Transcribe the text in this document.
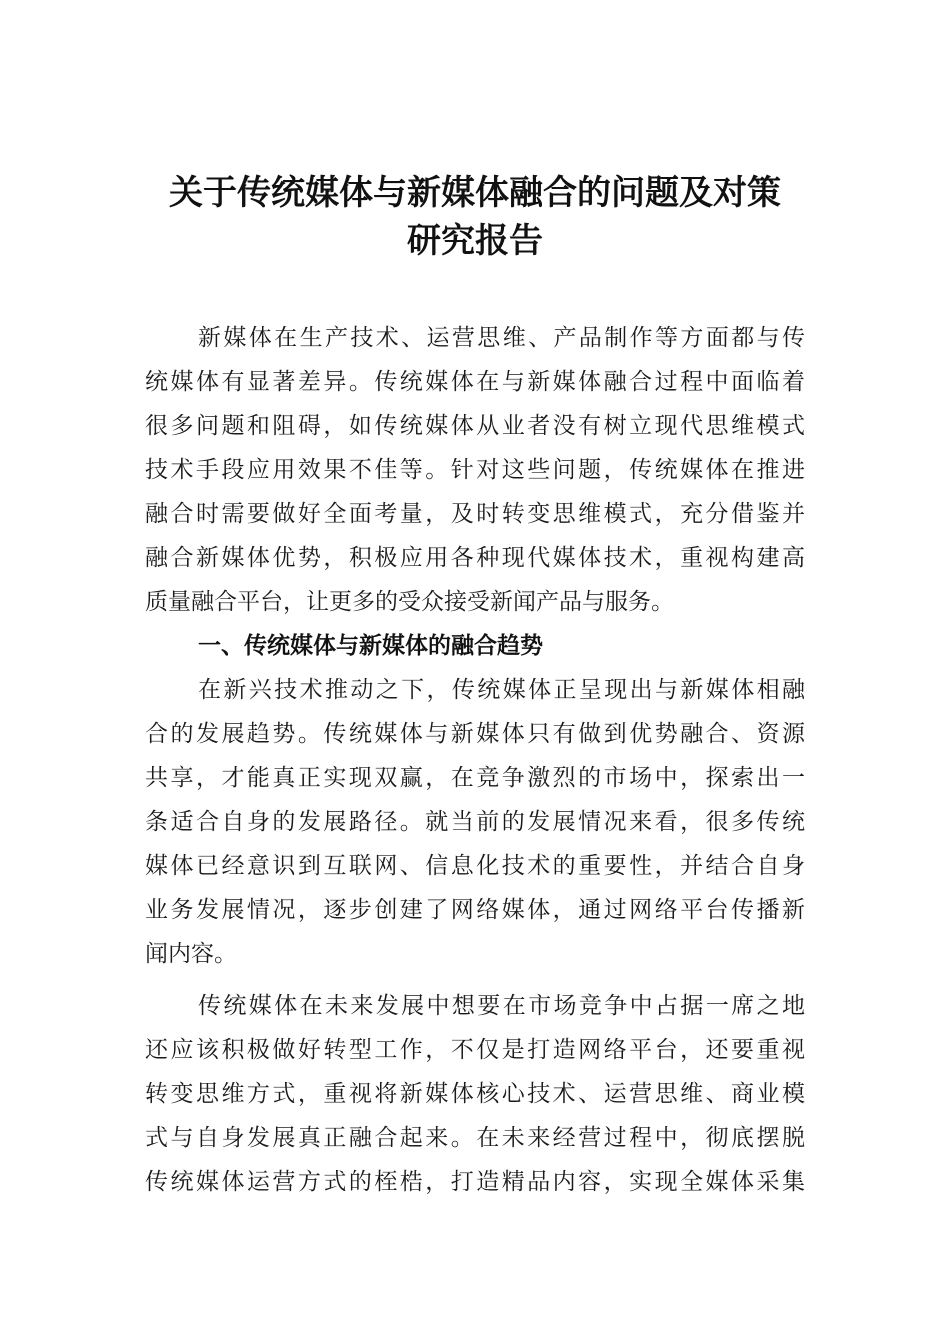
关于传统媒体与新媒体融合的问题及对策
研究报告

新媒体在生产技术、运营思维、产品制作等方面都与传

统媒体有显著差异。传统媒体在与新媒体融合过程中面临着

很多问题和阻碍，如传统媒体从业者没有树立现代思维模式

技术手段应用效果不佳等。针对这些问题，传统媒体在推进

融合时需要做好全面考量，及时转变思维模式，充分借鉴并

融合新媒体优势，积极应用各种现代媒体技术，重视构建高

质量融合平台，让更多的受众接受新闻产品与服务。

一、传统媒体与新媒体的融合趋势

在新兴技术推动之下，传统媒体正呈现出与新媒体相融

合的发展趋势。传统媒体与新媒体只有做到优势融合、资源

共享，才能真正实现双赢，在竞争激烈的市场中，探索出一

条适合自身的发展路径。就当前的发展情况来看，很多传统

媒体已经意识到互联网、信息化技术的重要性，并结合自身

业务发展情况，逐步创建了网络媒体，通过网络平台传播新

闻内容。

传统媒体在未来发展中想要在市场竞争中占据一席之地

还应该积极做好转型工作，不仅是打造网络平台，还要重视

转变思维方式，重视将新媒体核心技术、运营思维、商业模

式与自身发展真正融合起来。在未来经营过程中，彻底摆脱

传统媒体运营方式的桎梏，打造精品内容，实现全媒体采集
